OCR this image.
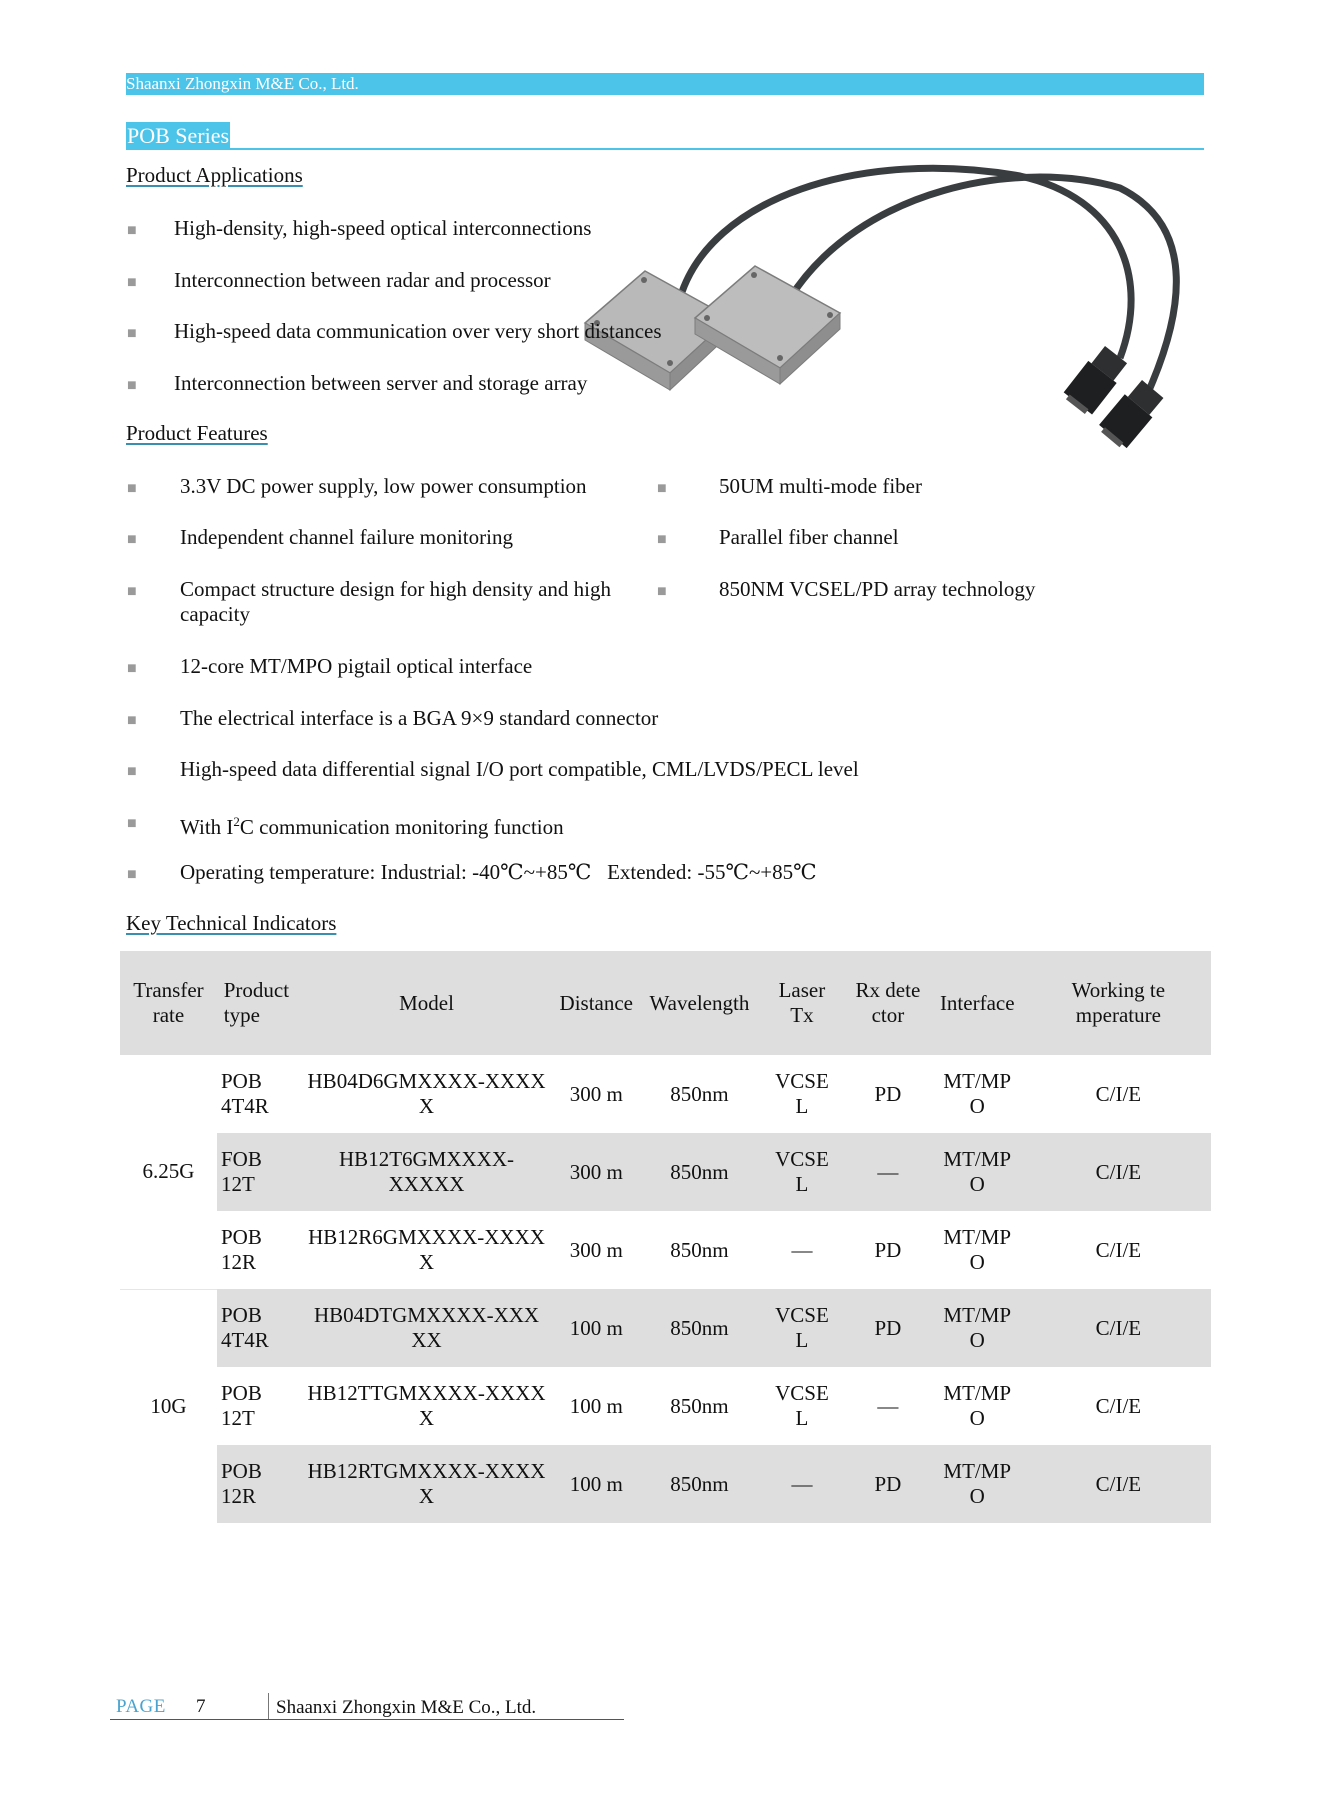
Shaanxi Zhongxin M&E Co., Ltd.
POB Series
Product Applications
■ High-density, high-speed optical interconnections
■ Interconnection between radar and processor
■ High-speed data communication over very short distances
■ Interconnection between server and storage array
Product Features
■ 3.3V DC power supply, low power consumption	■ 50UM multi-mode fiber
■ Independent channel failure monitoring	■ Parallel fiber channel
■ Compact structure design for high density and high capacity
■ 850NM VCSEL/PD array technology
■ 12-core MT/MPO pigtail optical interface
■ The electrical interface is a BGA 9×9 standard connector
■ High-speed data differential signal I/O port compatible, CML/LVDS/PECL level
■ With $I^2C$ communication monitoring function
■ Operating temperature: Industrial: -40℃~+85℃   Extended: -55℃~+85℃
Key Technical Indicators
Transfer rate	Product type	Model	Distance	Wavelength	Laser Tx	Rx detector	Interface	Working temperature

6.25G	POB 4T4R	HB04D6GMXXXX-XXXXX	300 m	850nm	VCSEL	PD	MT/MPO	C/I/E

	FOB 12T	HB12T6GMXXXX-XXXXX	300 m	850nm	VCSEL	—	MT/MPO	C/I/E

	POB 12R	HB12R6GMXXXX-XXXXX	300 m	850nm	—	PD	MT/MPO	C/I/E
10G	POB 4T4R	HB04DTGMXXXX-XXXXX	100 m	850nm	VCSEL	PD	MT/MPO	C/I/E

	POB 12T	HB12TTGMXXXX-XXXXX	100 m	850nm	VCSEL	—	MT/MPO	C/I/E

	POB 12R	HB12RTGMXXXX-XXXXX	100 m	850nm	—	PD	MT/MPO	C/I/E
PAGE 7	Shaanxi Zhongxin M&E Co., Ltd.
